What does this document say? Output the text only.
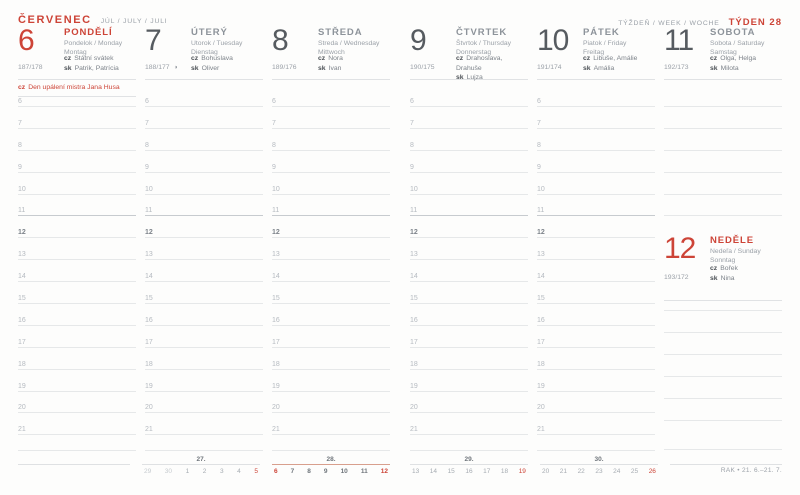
ČERVENEC JÚL / JULY / JULI
6	PONDĚLÍ
Pondelok / Monday
Montag
187/178
cz Státní svátek
sk Patrik, Patrícia
cz Den upálení mistra Jana Husa
6
7
8
9
10
11
12
13
14
15
16
17
18
19
20
21
7	ÚTERÝ
Utorok / Tuesday
Dienstag
188/177 ◑
cz Bohuslava
sk Oliver
6
7
8
9
10
11
12
13
14
15
16
17
18
19
20
21
8	STŘEDA
Streda / Wednesday
Mittwoch
189/176
cz Nora
sk Ivan
6
7
8
9
10
11
12
13
14
15
16
17
18
19
20
21
27.
29 30 1 2 3 4 5
28.
6 7 8 9 10 11 12
TÝŽDEŇ / WEEK / WOCHE TÝDEN 28
9	ČTVRTEK
Štvrtok / Thursday
Donnerstag
190/175
cz Drahoslava, Drahuše
sk Lujza
6
7
8
9
10
11
12
13
14
15
16
17
18
19
20
21
10 PÁTEK
Piatok / Friday
Freitag
191/174
cz Libuše, Amálie
sk Amália
6
7
8
9
10
11
12
13
14
15
16
17
18
19
20
21
11 SOBOTA
Sobota / Saturday
Samstag
192/173
cz Olga, Helga
sk Milota
12 NEDĚLE
Nedeľa / Sunday
Sonntag
193/172
cz Bořek
sk Nina
29.
13 14 15 16 17 18 19
30.
20 21 22 23 24 25 26	RAK • 21. 6.–21. 7.
